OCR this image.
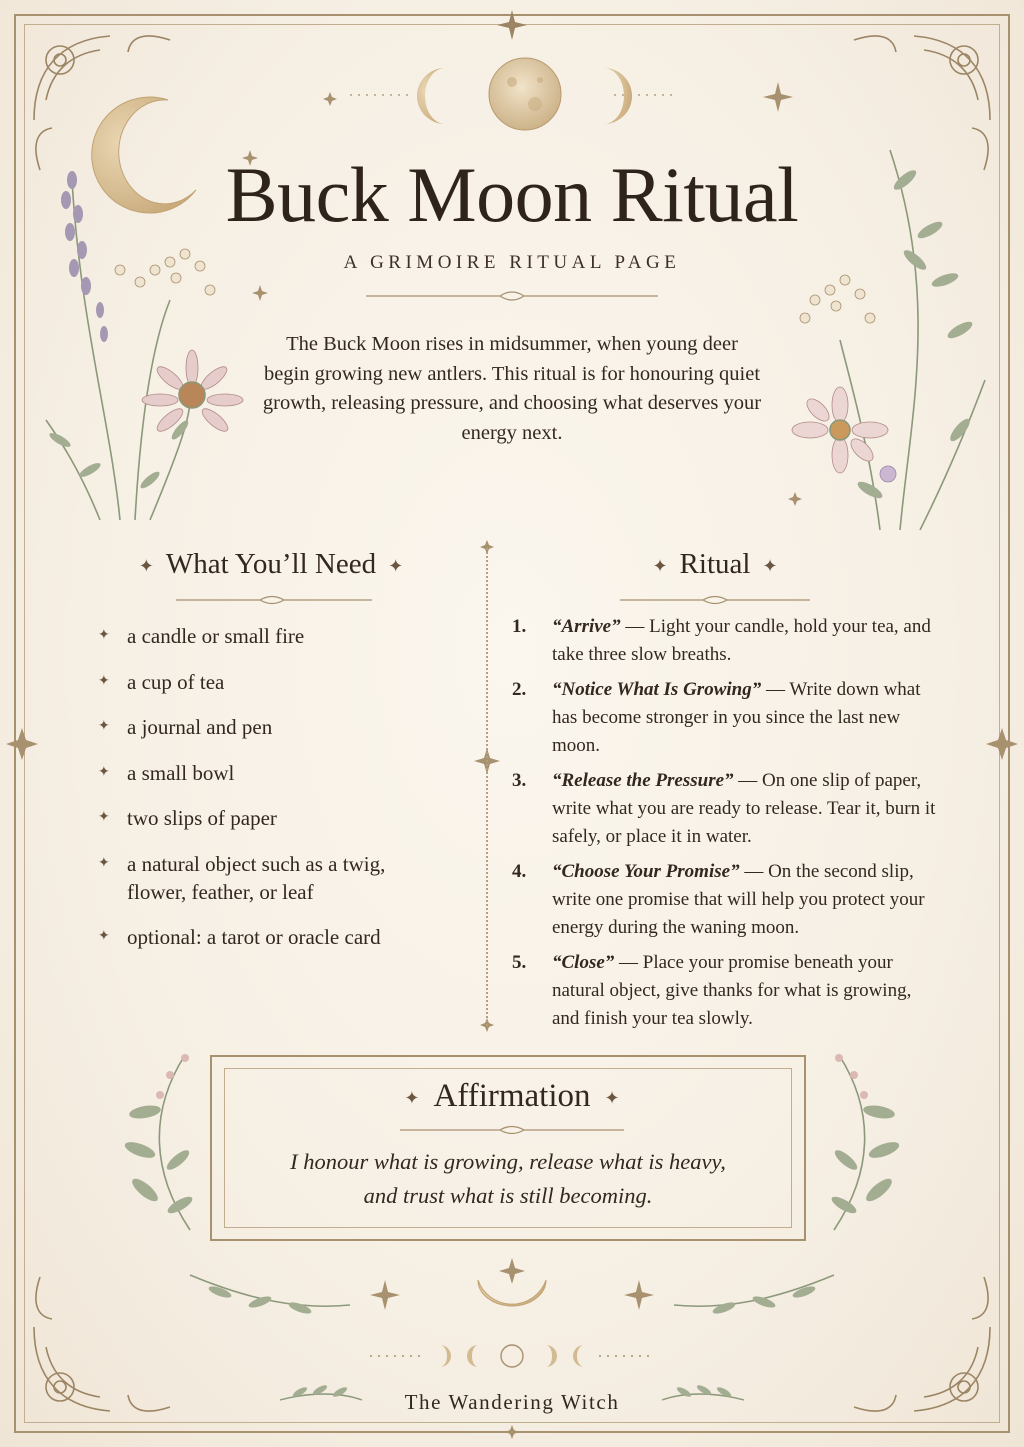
Buck Moon Ritual
A GRIMOIRE RITUAL PAGE
The Buck Moon rises in midsummer, when young deer begin growing new antlers. This ritual is for honouring quiet growth, releasing pressure, and choosing what deserves your energy next.
✦ What You’ll Need ✦
✦ a candle or small fire
✦ a cup of tea
✦ a journal and pen
✦ a small bowl
✦ two slips of paper
✦ a natural object such as a twig, flower, feather, or leaf
✦ optional: a tarot or oracle card
✦ Ritual ✦
1. “Arrive” — Light your candle, hold your tea, and take three slow breaths.
2. “Notice What Is Growing” — Write down what has become stronger in you since the last new moon.
3. “Release the Pressure” — On one slip of paper, write what you are ready to release. Tear it, burn it safely, or place it in water.
4. “Choose Your Promise” — On the second slip, write one promise that will help you protect your energy during the waning moon.
5. “Close” — Place your promise beneath your natural object, give thanks for what is growing, and finish your tea slowly.
✦ Affirmation ✦
I honour what is growing, release what is heavy,
and trust what is still becoming.
The Wandering Witch
